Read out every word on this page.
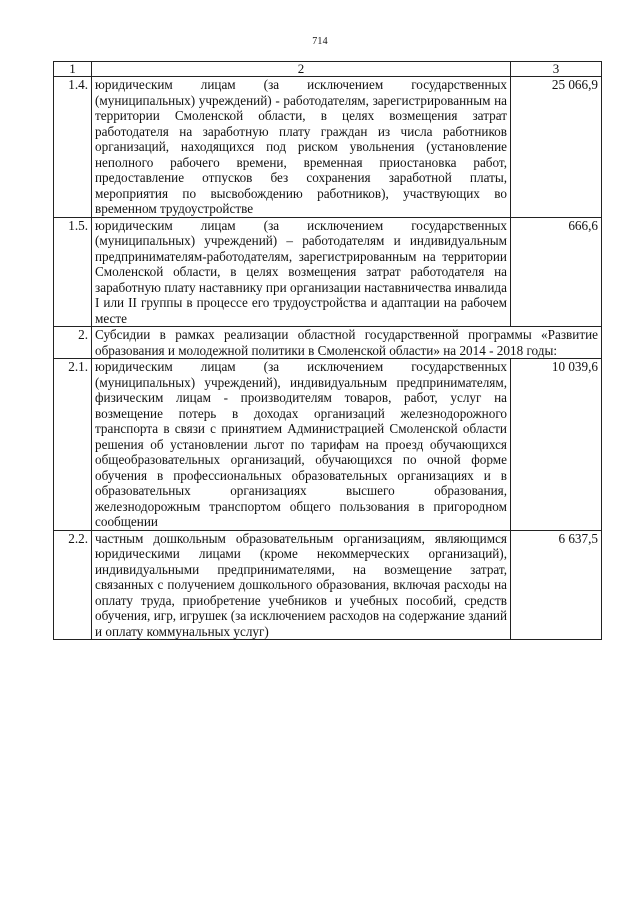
714
1	2	3
1.4.	юридическим лицам (за исключением государственных (муниципальных) учреждений) - работодателям, зарегистрированным на территории Смоленской области, в целях возмещения затрат работодателя на заработную плату граждан из числа работников организаций, находящихся под риском увольнения (установление неполного рабочего времени, временная приостановка работ, предоставление отпусков без сохранения заработной платы, мероприятия по высвобождению работников), участвующих во временном трудоустройстве	25 066,9
1.5.	юридическим лицам (за исключением государственных (муниципальных) учреждений) – работодателям и индивидуальным предпринимателям-работодателям, зарегистрированным на территории Смоленской области, в целях возмещения затрат работодателя на заработную плату наставнику при организации наставничества инвалида I или II группы в процессе его трудоустройства и адаптации на рабочем месте	666,6
2.	Субсидии в рамках реализации областной государственной программы «Развитие образования и молодежной политики в Смоленской области» на 2014 - 2018 годы:	
2.1.	юридическим лицам (за исключением государственных (муниципальных) учреждений), индивидуальным предпринимателям, физическим лицам - производителям товаров, работ, услуг на возмещение потерь в доходах организаций железнодорожного транспорта в связи с принятием Администрацией Смоленской области решения об установлении льгот по тарифам на проезд обучающихся общеобразовательных организаций, обучающихся по очной форме обучения в профессиональных образовательных организациях и в образовательных организациях высшего образования, железнодорожным транспортом общего пользования в пригородном сообщении	10 039,6
2.2.	частным дошкольным образовательным организациям, являющимся юридическими лицами (кроме некоммерческих организаций), индивидуальными предпринимателями, на возмещение затрат, связанных с получением дошкольного образования, включая расходы на оплату труда, приобретение учебников и учебных пособий, средств обучения, игр, игрушек (за исключением расходов на содержание зданий и оплату коммунальных услуг)	6 637,5
